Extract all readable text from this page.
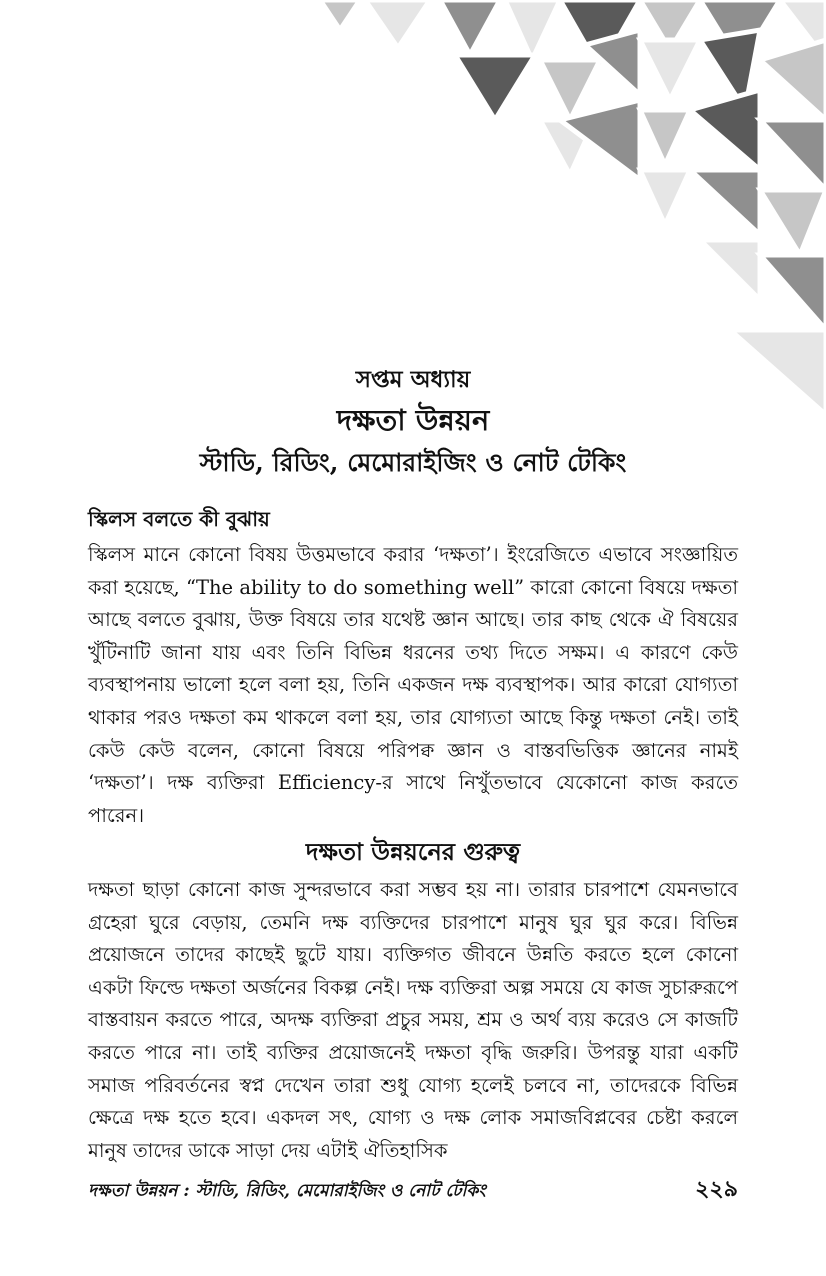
সপ্তম অধ্যায়
দক্ষতা উন্নয়ন
স্টাডি, রিডিং, মেমোরাইজিং ও নোট টেকিং
স্কিলস বলতে কী বুঝায়
স্কিলস মানে কোনো বিষয় উত্তমভাবে করার ‘দক্ষতা’। ইংরেজিতে এভাবে সংজ্ঞায়িত করা হয়েছে, “The ability to do something well” কারো কোনো বিষয়ে দক্ষতা আছে বলতে বুঝায়, উক্ত বিষয়ে তার যথেষ্ট জ্ঞান আছে। তার কাছ থেকে ঐ বিষয়ের খুঁটিনাটি জানা যায় এবং তিনি বিভিন্ন ধরনের তথ্য দিতে সক্ষম। এ কারণে কেউ ব্যবস্থাপনায় ভালো হলে বলা হয়, তিনি একজন দক্ষ ব্যবস্থাপক। আর কারো যোগ্যতা থাকার পরও দক্ষতা কম থাকলে বলা হয়, তার যোগ্যতা আছে কিন্তু দক্ষতা নেই। তাই কেউ কেউ বলেন, কোনো বিষয়ে পরিপক্ব জ্ঞান ও বাস্তবভিত্তিক জ্ঞানের নামই ‘দক্ষতা’। দক্ষ ব্যক্তিরা Efficiency-র সাথে নিখুঁতভাবে যেকোনো কাজ করতে পারেন।
দক্ষতা উন্নয়নের গুরুত্ব
দক্ষতা ছাড়া কোনো কাজ সুন্দরভাবে করা সম্ভব হয় না। তারার চারপাশে যেমনভাবে গ্রহেরা ঘুরে বেড়ায়, তেমনি দক্ষ ব্যক্তিদের চারপাশে মানুষ ঘুর ঘুর করে। বিভিন্ন প্রয়োজনে তাদের কাছেই ছুটে যায়। ব্যক্তিগত জীবনে উন্নতি করতে হলে কোনো একটা ফিল্ডে দক্ষতা অর্জনের বিকল্প নেই। দক্ষ ব্যক্তিরা অল্প সময়ে যে কাজ সুচারুরূপে বাস্তবায়ন করতে পারে, অদক্ষ ব্যক্তিরা প্রচুর সময়, শ্রম ও অর্থ ব্যয় করেও সে কাজটি করতে পারে না। তাই ব্যক্তির প্রয়োজনেই দক্ষতা বৃদ্ধি জরুরি। উপরন্তু যারা একটি সমাজ পরিবর্তনের স্বপ্ন দেখেন তারা শুধু যোগ্য হলেই চলবে না, তাদেরকে বিভিন্ন ক্ষেত্রে দক্ষ হতে হবে। একদল সৎ, যোগ্য ও দক্ষ লোক সমাজবিপ্লবের চেষ্টা করলে মানুষ তাদের ডাকে সাড়া দেয় এটাই ঐতিহাসিক
দক্ষতা উন্নয়ন : স্টাডি, রিডিং, মেমোরাইজিং ও নোট টেকিং	২২৯
